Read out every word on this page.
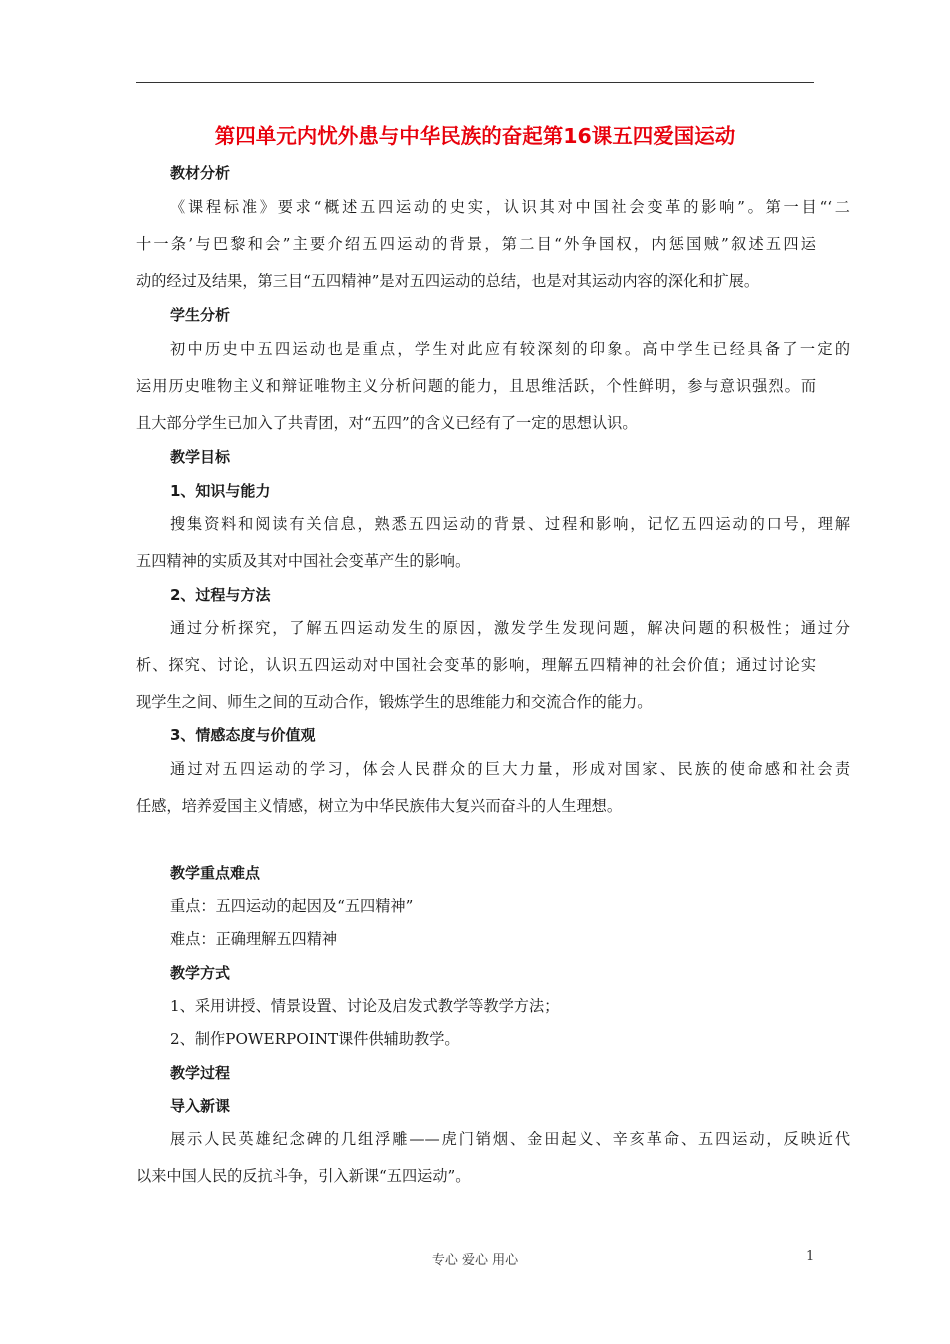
第四单元内忧外患与中华民族的奋起第16课五四爱国运动
教材分析
《课程标准》要求“概述五四运动的史实，认识其对中国社会变革的影响”。第一目“‘二
十一条’与巴黎和会”主要介绍五四运动的背景，第二目“外争国权，内惩国贼”叙述五四运
动的经过及结果，第三目“五四精神”是对五四运动的总结，也是对其运动内容的深化和扩展。
学生分析
初中历史中五四运动也是重点，学生对此应有较深刻的印象。高中学生已经具备了一定的
运用历史唯物主义和辩证唯物主义分析问题的能力，且思维活跃，个性鲜明，参与意识强烈。而
且大部分学生已加入了共青团，对“五四”的含义已经有了一定的思想认识。
教学目标
1、知识与能力
搜集资料和阅读有关信息，熟悉五四运动的背景、过程和影响，记忆五四运动的口号，理解
五四精神的实质及其对中国社会变革产生的影响。
2、过程与方法
通过分析探究，了解五四运动发生的原因，激发学生发现问题，解决问题的积极性；通过分
析、探究、讨论，认识五四运动对中国社会变革的影响，理解五四精神的社会价值；通过讨论实
现学生之间、师生之间的互动合作，锻炼学生的思维能力和交流合作的能力。
3、情感态度与价值观
通过对五四运动的学习，体会人民群众的巨大力量，形成对国家、民族的使命感和社会责
任感，培养爱国主义情感，树立为中华民族伟大复兴而奋斗的人生理想。
教学重点难点
重点：五四运动的起因及“五四精神”
难点：正确理解五四精神
教学方式
1、采用讲授、情景设置、讨论及启发式教学等教学方法；
2、制作POWERPOINT课件供辅助教学。
教学过程
导入新课
展示人民英雄纪念碑的几组浮雕——虎门销烟、金田起义、辛亥革命、五四运动，反映近代
以来中国人民的反抗斗争，引入新课“五四运动”。
专心 爱心 用心	1
